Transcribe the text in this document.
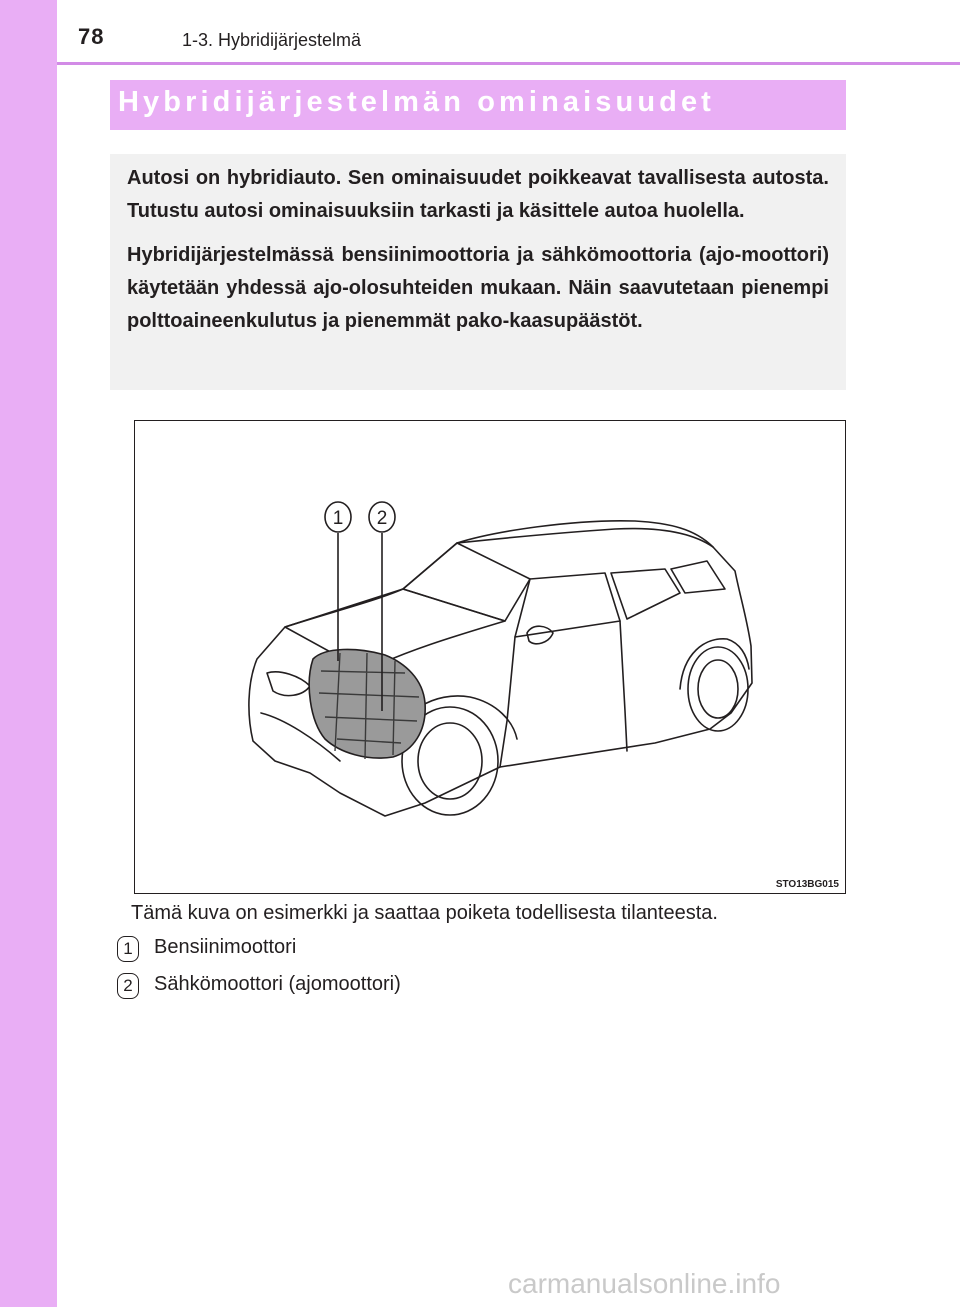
78	1-3. Hybridijärjestelmä
Hybridijärjestelmän ominaisuudet

Autosi on hybridiauto. Sen ominaisuudet poikkeavat tavallisesta autosta. Tutustu autosi ominaisuuksiin tarkasti ja käsittele autoa huolella.

Hybridijärjestelmässä bensiinimoottoria ja sähkömoottoria (ajo-moottori) käytetään yhdessä ajo-olosuhteiden mukaan. Näin saavutetaan pienempi polttoaineenkulutus ja pienemmät pako-kaasupäästöt.

1 2
STO13BG015
Tämä kuva on esimerkki ja saattaa poiketa todellisesta tilanteesta.
1	Bensiinimoottori
2	Sähkömoottori (ajomoottori)
carmanualsonline.info
